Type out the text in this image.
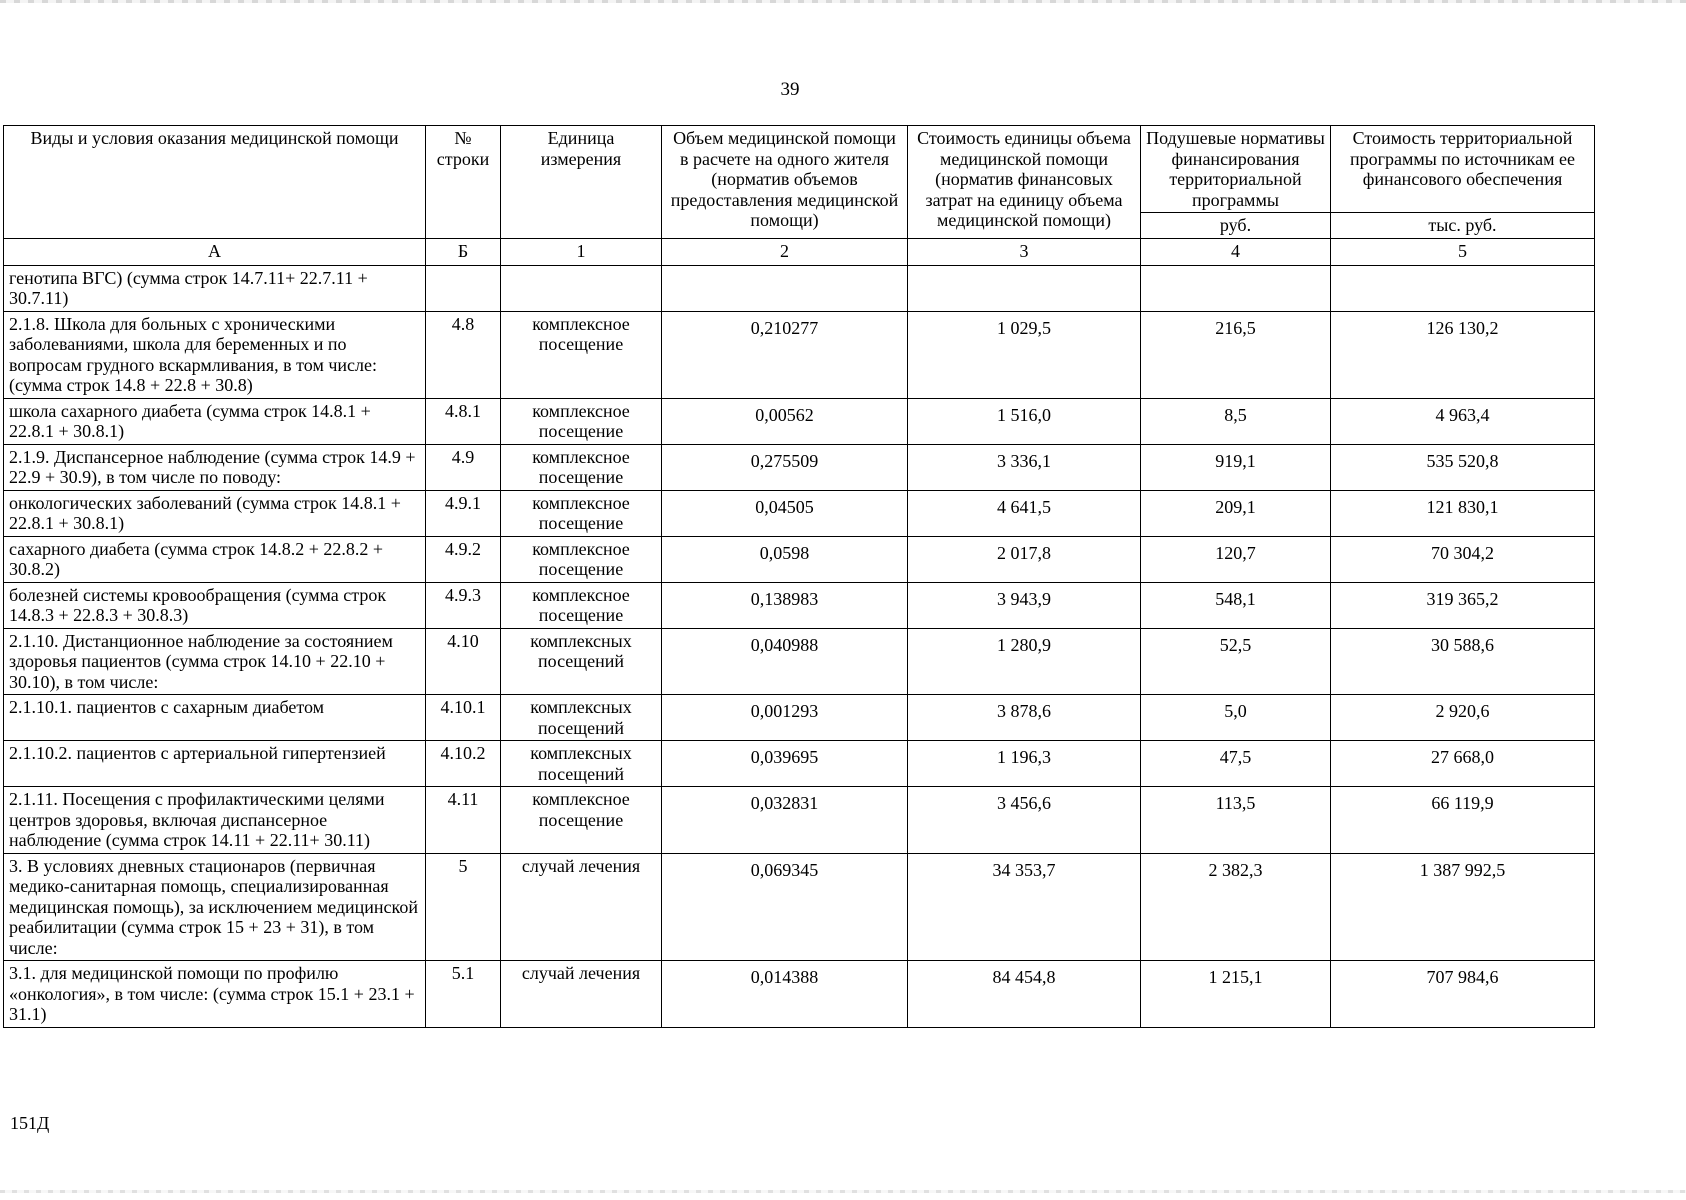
39
Виды и условия оказания медицинской помощи	№ строки	Единица измерения	Объем медицинской помощи в расчете на одного жителя (норматив объемов предоставления медицинской помощи)	Стоимость единицы объема медицинской помощи (норматив финансовых затрат на единицу объема медицинской помощи)	Подушевые нормативы финансирования территориальной программы	Стоимость территориальной программы по источникам ее финансового обеспечения
					руб.	тыс. руб.
А	Б	1	2	3	4	5
генотипа ВГС) (сумма строк 14.7.11+ 22.7.11 + 30.7.11)						
2.1.8. Школа для больных с хроническими заболеваниями, школа для беременных и по вопросам грудного вскармливания, в том числе: (сумма строк 14.8 + 22.8 + 30.8)	4.8	комплексное посещение	0,210277	1 029,5	216,5	126 130,2
школа сахарного диабета (сумма строк 14.8.1 + 22.8.1 + 30.8.1)	4.8.1	комплексное посещение	0,00562	1 516,0	8,5	4 963,4
2.1.9. Диспансерное наблюдение (сумма строк 14.9 + 22.9 + 30.9), в том числе по поводу:	4.9	комплексное посещение	0,275509	3 336,1	919,1	535 520,8
онкологических заболеваний (сумма строк 14.8.1 + 22.8.1 + 30.8.1)	4.9.1	комплексное посещение	0,04505	4 641,5	209,1	121 830,1
сахарного диабета (сумма строк 14.8.2 + 22.8.2 + 30.8.2)	4.9.2	комплексное посещение	0,0598	2 017,8	120,7	70 304,2
болезней системы кровообращения (сумма строк 14.8.3 + 22.8.3 + 30.8.3)	4.9.3	комплексное посещение	0,138983	3 943,9	548,1	319 365,2
2.1.10. Дистанционное наблюдение за состоянием здоровья пациентов (сумма строк 14.10 + 22.10 + 30.10), в том числе:	4.10	комплексных посещений	0,040988	1 280,9	52,5	30 588,6
2.1.10.1. пациентов с сахарным диабетом	4.10.1	комплексных посещений	0,001293	3 878,6	5,0	2 920,6
2.1.10.2. пациентов с артериальной гипертензией	4.10.2	комплексных посещений	0,039695	1 196,3	47,5	27 668,0
2.1.11. Посещения с профилактическими целями центров здоровья, включая диспансерное наблюдение (сумма строк 14.11 + 22.11+ 30.11)	4.11	комплексное посещение	0,032831	3 456,6	113,5	66 119,9
3. В условиях дневных стационаров (первичная медико-санитарная помощь, специализированная медицинская помощь), за исключением медицинской реабилитации (сумма строк 15 + 23 + 31), в том числе:	5	случай лечения	0,069345	34 353,7	2 382,3	1 387 992,5
3.1. для медицинской помощи по профилю «онкология», в том числе: (сумма строк 15.1 + 23.1 + 31.1)	5.1	случай лечения	0,014388	84 454,8	1 215,1	707 984,6
151Д
